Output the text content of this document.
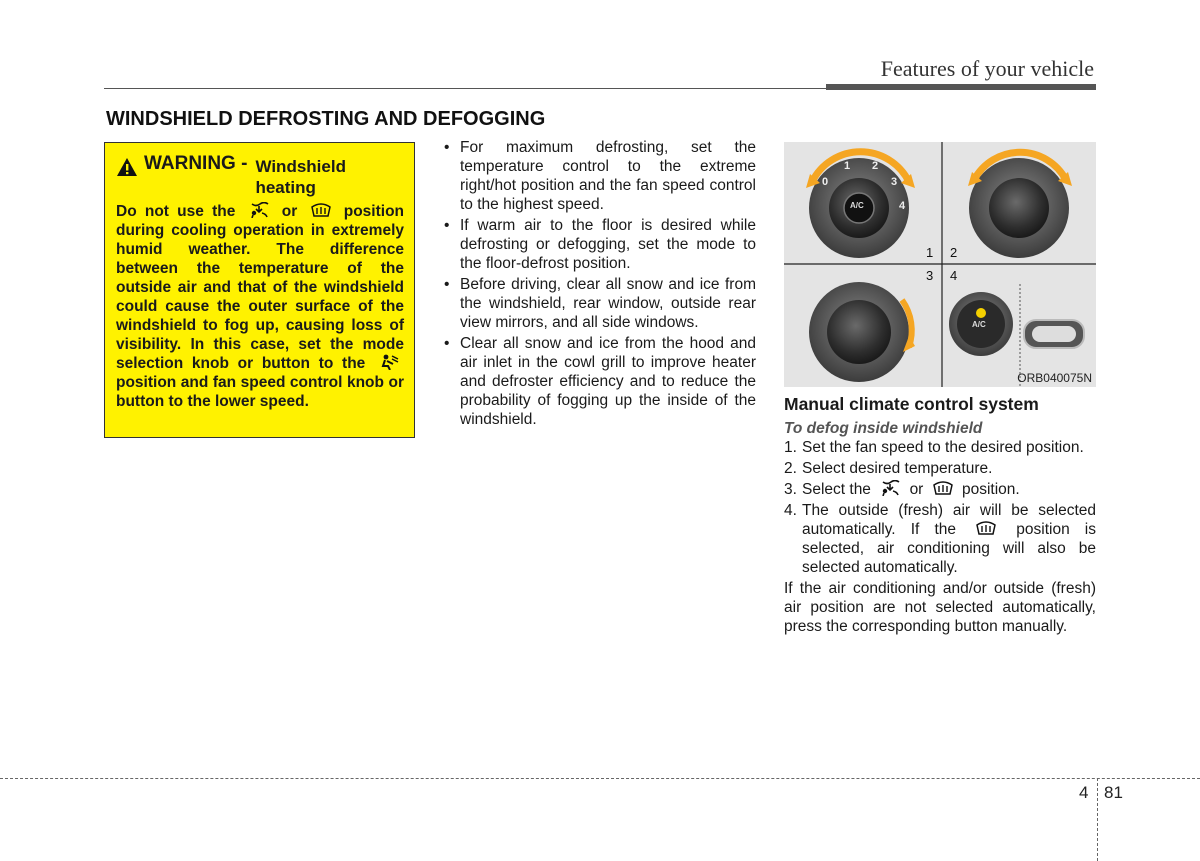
Features of your vehicle
WINDSHIELD DEFROSTING AND DEFOGGING
WARNING - Windshield
heating
Do not use the	or	position during cooling operation in extremely humid weather. The difference between the temperature of the outside air and that of the windshield could cause the outer surface of the windshield to fog up, causing loss of visibility. In this case, set the mode selection knob or button to the  position and fan speed control knob or button to the lower speed.
• For maximum defrosting, set the temperature control to the extreme right/hot position and the fan speed control to the highest speed.
• If warm air to the floor is desired while defrosting or defogging, set the mode to the floor-defrost position.
• Before driving, clear all snow and ice from the windshield, rear window, outside rear view mirrors, and all side windows.
• Clear all snow and ice from the hood and air inlet in the cowl grill to improve heater and defroster efficiency and to reduce the probability of fogging up the inside of the windshield.
0
1 2
3
4
A/C
A/C
1 2
3 4
ORB040075N
Manual climate control system
To defog inside windshield
1. Set the fan speed to the desired position.
2. Select desired temperature.
3. Select the or position.
4. The outside (fresh) air will be selected automatically. If the	position is selected, air conditioning will also be selected automatically.
If the air conditioning and/or outside (fresh) air position are not selected automatically, press the corresponding button manually.
4 81
